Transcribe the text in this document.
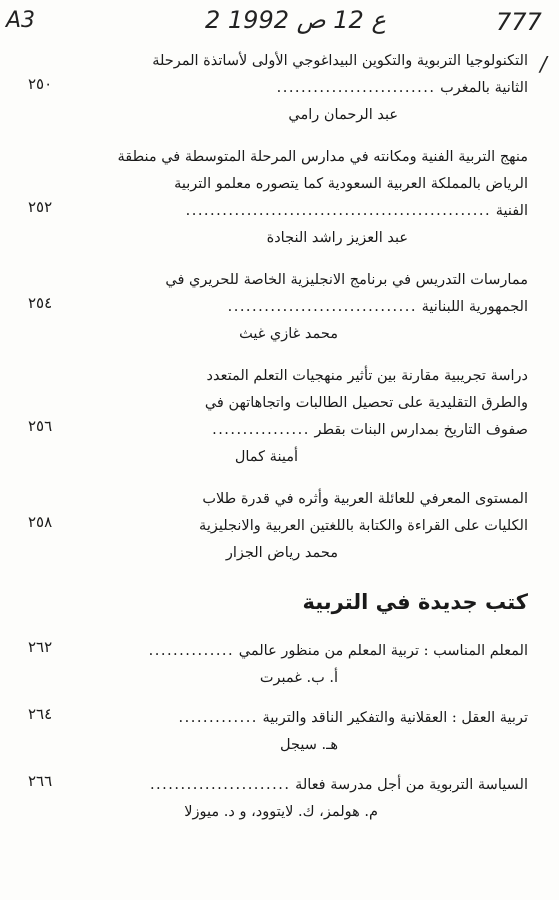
A3	2 ع 12 ص 1992	777
/
التكنولوجيا التربوية والتكوين البيداغوجي الأولى لأساتذة المرحلة
الثانية بالمغرب ..........................
٢٥٠
عبد الرحمان رامي
منهج التربية الفنية ومكانته في مدارس المرحلة المتوسطة في منطقة
الرياض بالمملكة العربية السعودية كما يتصوره معلمو التربية
الفنية ..................................................
٢٥٢
عبد العزيز راشد النجادة
ممارسات التدريس في برنامج الانجليزية الخاصة للحريري في
الجمهورية اللبنانية ...............................
٢٥٤
محمد غازي غيث
دراسة تجريبية مقارنة بين تأثير منهجيات التعلم المتعدد
والطرق التقليدية على تحصيل الطالبات واتجاهاتهن في
صفوف التاريخ بمدارس البنات بقطر ................
٢٥٦
أمينة كمال
المستوى المعرفي للعائلة العربية وأثره في قدرة طلاب
الكليات على القراءة والكتابة باللغتين العربية والانجليزية
٢٥٨
محمد رياض الجزار
كتب جديدة في التربية
المعلم المناسب : تربية المعلم من منظور عالمي ..............
٢٦٢
أ. ب. غمبرت
تربية العقل : العقلانية والتفكير الناقد والتربية .............
٢٦٤
هـ. سيجل
السياسة التربوية من أجل مدرسة فعالة .......................
٢٦٦
م. هولمز، ك. لايتوود، و د. ميوزلا
